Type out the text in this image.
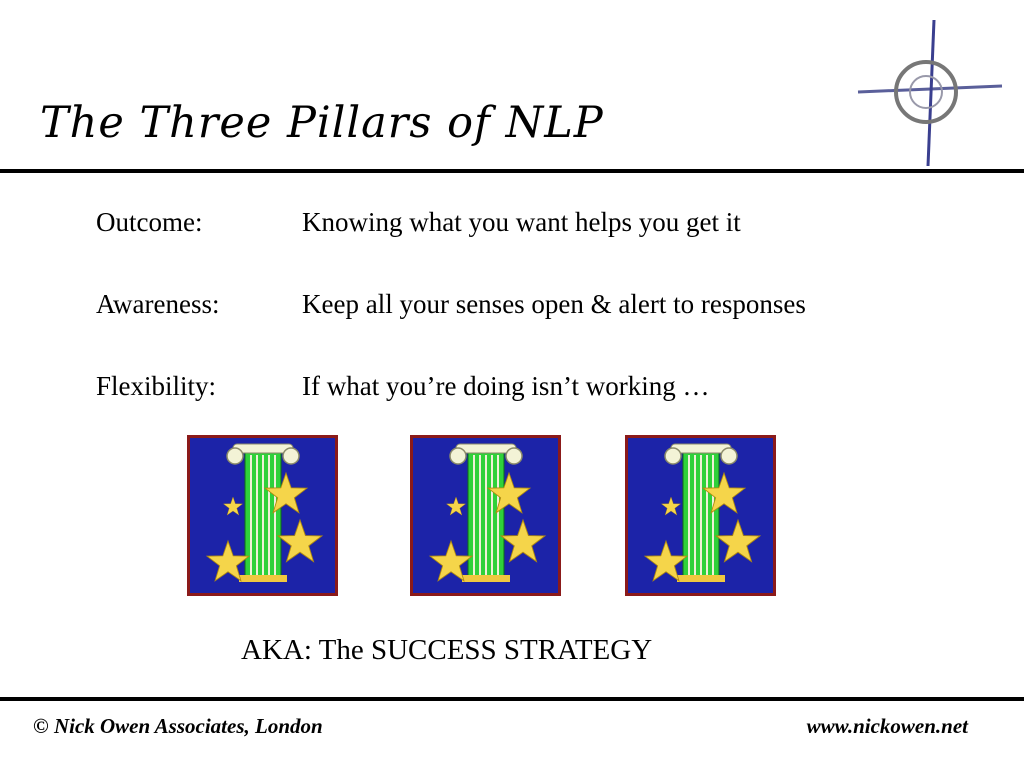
The Three Pillars of NLP
Outcome:	Knowing what you want helps you get it
Awareness:	Keep all your senses open & alert to responses
Flexibility:	If what you’re doing isn’t working …
AKA: The SUCCESS STRATEGY
© Nick Owen Associates, London	www.nickowen.net
